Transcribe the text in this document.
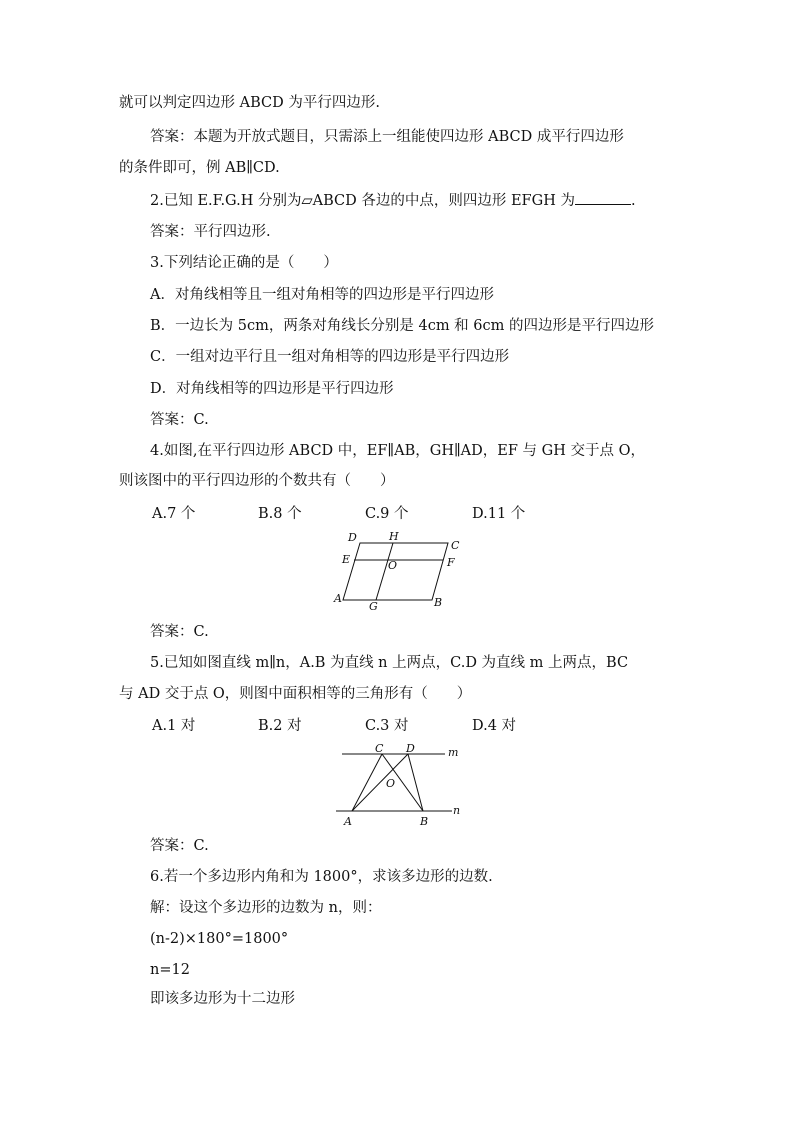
就可以判定四边形 ABCD 为平行四边形.
答案：本题为开放式题目，只需添上一组能使四边形 ABCD 成平行四边形
的条件即可，例 AB∥CD.
2.已知 E.F.G.H 分别为▱ABCD 各边的中点，则四边形 EFGH 为	.
答案：平行四边形.
3.下列结论正确的是（　　）
A．对角线相等且一组对角相等的四边形是平行四边形
B．一边长为 5cm，两条对角线长分别是 4cm 和 6cm 的四边形是平行四边形
C．一组对边平行且一组对角相等的四边形是平行四边形
D．对角线相等的四边形是平行四边形
答案：C.
4.如图,在平行四边形 ABCD 中，EF∥AB，GH∥AD，EF 与 GH 交于点 O，
则该图中的平行四边形的个数共有（　　）
A.7 个	B.8 个	C.9 个	D.11 个
D	H
C
E	O	F
A
G	B
答案：C.
5.已知如图直线 m∥n，A.B 为直线 n 上两点，C.D 为直线 m 上两点，BC
与 AD 交于点 O，则图中面积相等的三角形有（　　）
A.1 对	B.2 对	C.3 对	D.4 对
C D	m
O
n
A	B
答案：C.
6.若一个多边形内角和为 1800°，求该多边形的边数.
解：设这个多边形的边数为 n，则：
(n-2)×180°=1800°
n=12
即该多边形为十二边形
